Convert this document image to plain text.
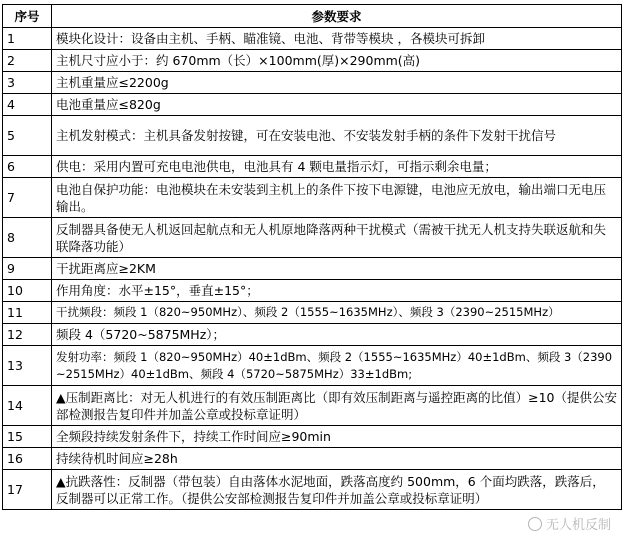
序号	参数要求
1	模块化设计：设备由主机、手柄、瞄准镜、电池、背带等模块 ，各模块可拆卸
2	主机尺寸应小于：约 670mm（长）×100mm(厚)×290mm(高)
3	主机重量应≤2200g
4	电池重量应≤820g
5	主机发射模式：主机具备发射按键，可在安装电池、不安装发射手柄的条件下发射干扰信号
6	供电：采用内置可充电电池供电，电池具有 4 颗电量指示灯，可指示剩余电量；
7	电池自保护功能：电池模块在未安装到主机上的条件下按下电源键，电池应无放电，输出端口无电压输出。
8	反制器具备使无人机返回起航点和无人机原地降落两种干扰模式（需被干扰无人机支持失联返航和失联降落功能）
9	干扰距离应≥2KM
10	作用角度：水平±15°，垂直±15°；
11	干扰频段：频段 1（820~950MHz）、频段 2（1555~1635MHz）、频段 3（2390~2515MHz）
12	频段 4（5720~5875MHz）；
13	发射功率：频段 1（820~950MHz）40±1dBm、频段 2（1555~1635MHz）40±1dBm、频段 3（2390~2515MHz）40±1dBm、频段 4（5720~5875MHz）33±1dBm;
14	▲压制距离比：对无人机进行的有效压制距离比（即有效压制距离与遥控距离的比值）≥10（提供公安部检测报告复印件并加盖公章或投标章证明）
15	全频段持续发射条件下，持续工作时间应≥90min
16	持续待机时间应≥28h
17	▲抗跌落性：反制器（带包装）自由落体水泥地面，跌落高度约 500mm，6 个面均跌落，跌落后，反制器可以正常工作。（提供公安部检测报告复印件并加盖公章或投标章证明）
无人机反制
